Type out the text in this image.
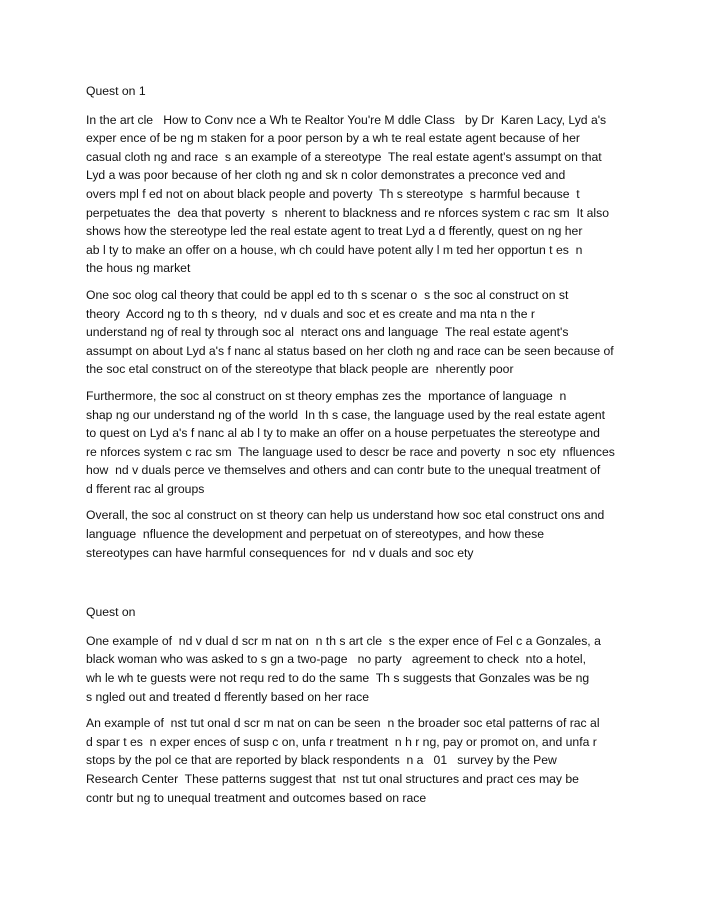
Quest on 1
In the art cle   How to Conv nce a Wh te Realtor You're M ddle Class   by Dr  Karen Lacy, Lyd a's
exper ence of be ng m staken for a poor person by a wh te real estate agent because of her
casual cloth ng and race  s an example of a stereotype  The real estate agent's assumpt on that
Lyd a was poor because of her cloth ng and sk n color demonstrates a preconce ved and
overs mpl f ed not on about black people and poverty  Th s stereotype  s harmful because  t
perpetuates the  dea that poverty  s  nherent to blackness and re nforces system c rac sm  It also
shows how the stereotype led the real estate agent to treat Lyd a d fferently, quest on ng her
ab l ty to make an offer on a house, wh ch could have potent ally l m ted her opportun t es  n
the hous ng market
One soc olog cal theory that could be appl ed to th s scenar o  s the soc al construct on st
theory  Accord ng to th s theory,  nd v duals and soc et es create and ma nta n the r
understand ng of real ty through soc al  nteract ons and language  The real estate agent's
assumpt on about Lyd a's f nanc al status based on her cloth ng and race can be seen because of
the soc etal construct on of the stereotype that black people are  nherently poor
Furthermore, the soc al construct on st theory emphas zes the  mportance of language  n
shap ng our understand ng of the world  In th s case, the language used by the real estate agent
to quest on Lyd a's f nanc al ab l ty to make an offer on a house perpetuates the stereotype and
re nforces system c rac sm  The language used to descr be race and poverty  n soc ety  nfluences
how  nd v duals perce ve themselves and others and can contr bute to the unequal treatment of
d fferent rac al groups
Overall, the soc al construct on st theory can help us understand how soc etal construct ons and
language  nfluence the development and perpetuat on of stereotypes, and how these
stereotypes can have harmful consequences for  nd v duals and soc ety
Quest on
One example of  nd v dual d scr m nat on  n th s art cle  s the exper ence of Fel c a Gonzales, a
black woman who was asked to s gn a two-page   no party   agreement to check  nto a hotel,
wh le wh te guests were not requ red to do the same  Th s suggests that Gonzales was be ng
s ngled out and treated d fferently based on her race
An example of  nst tut onal d scr m nat on can be seen  n the broader soc etal patterns of rac al
d spar t es  n exper ences of susp c on, unfa r treatment  n h r ng, pay or promot on, and unfa r
stops by the pol ce that are reported by black respondents  n a   01   survey by the Pew
Research Center  These patterns suggest that  nst tut onal structures and pract ces may be
contr but ng to unequal treatment and outcomes based on race
